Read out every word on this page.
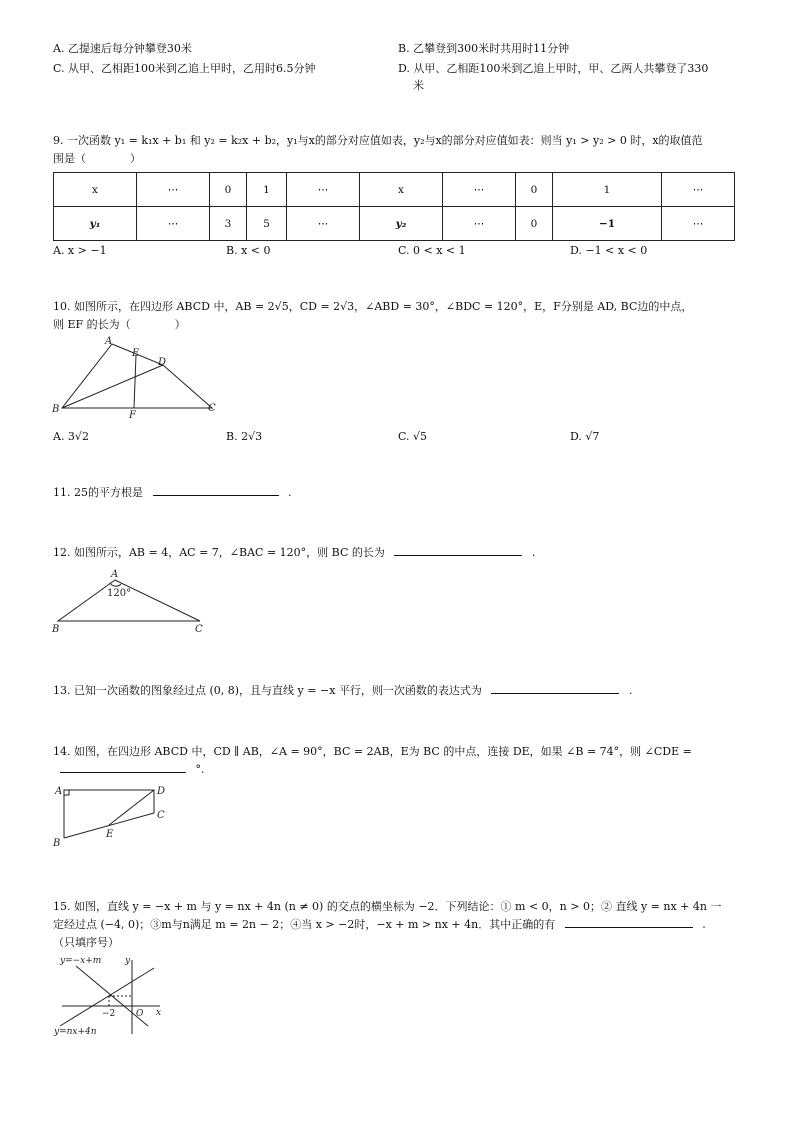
A. 乙提速后每分钟攀登30米	B. 乙攀登到300米时共用时11分钟
C. 从甲、乙相距100米到乙追上甲时，乙用时6.5分钟	D. 从甲、乙相距100米到乙追上甲时，甲、乙两人共攀登了330
米
9. 一次函数 y₁ = k₁x + b₁ 和 y₂ = k₂x + b₂，y₁与x的部分对应值如表，y₂与x的部分对应值如表：则当 y₁ > y₂ > 0 时，x的取值范
围是（　　　　）
x	⋯	0	1	⋯	x	⋯	0	1	⋯
y₁	⋯	3	5	⋯	y₂	⋯	0	−1	⋯
A. x > −1	B. x < 0	C. 0 < x < 1	D. −1 < x < 0
10. 如图所示，在四边形 ABCD 中，AB = 2√5，CD = 2√3，∠ABD = 30°，∠BDC = 120°，E，F分别是 AD, BC边的中点，
则 EF 的长为（　　　　）
A
E
D
B
F
C
A. 3√2	B. 2√3	C. √5	D. √7
11. 25的平方根是	.
12. 如图所示，AB = 4，AC = 7，∠BAC = 120°，则 BC 的长为	.
A
120°
B	C
13. 已知一次函数的图象经过点 (0, 8)，且与直线 y = −x 平行，则一次函数的表达式为	.
14. 如图，在四边形 ABCD 中，CD ∥ AB，∠A = 90°，BC = 2AB，E为 BC 的中点，连接 DE，如果 ∠B = 74°，则 ∠CDE =
°.
A	D
C
E
B
15. 如图，直线 y = −x + m 与 y = nx + 4n (n ≠ 0) 的交点的横坐标为 −2．下列结论：① m < 0，n > 0；② 直线 y = nx + 4n 一
定经过点 (−4, 0)；③m与n满足 m = 2n − 2；④当 x > −2时，−x + m > nx + 4n．其中正确的有	.
（只填序号）
y=−x+m	y
x
O
−2
y=nx+4n
